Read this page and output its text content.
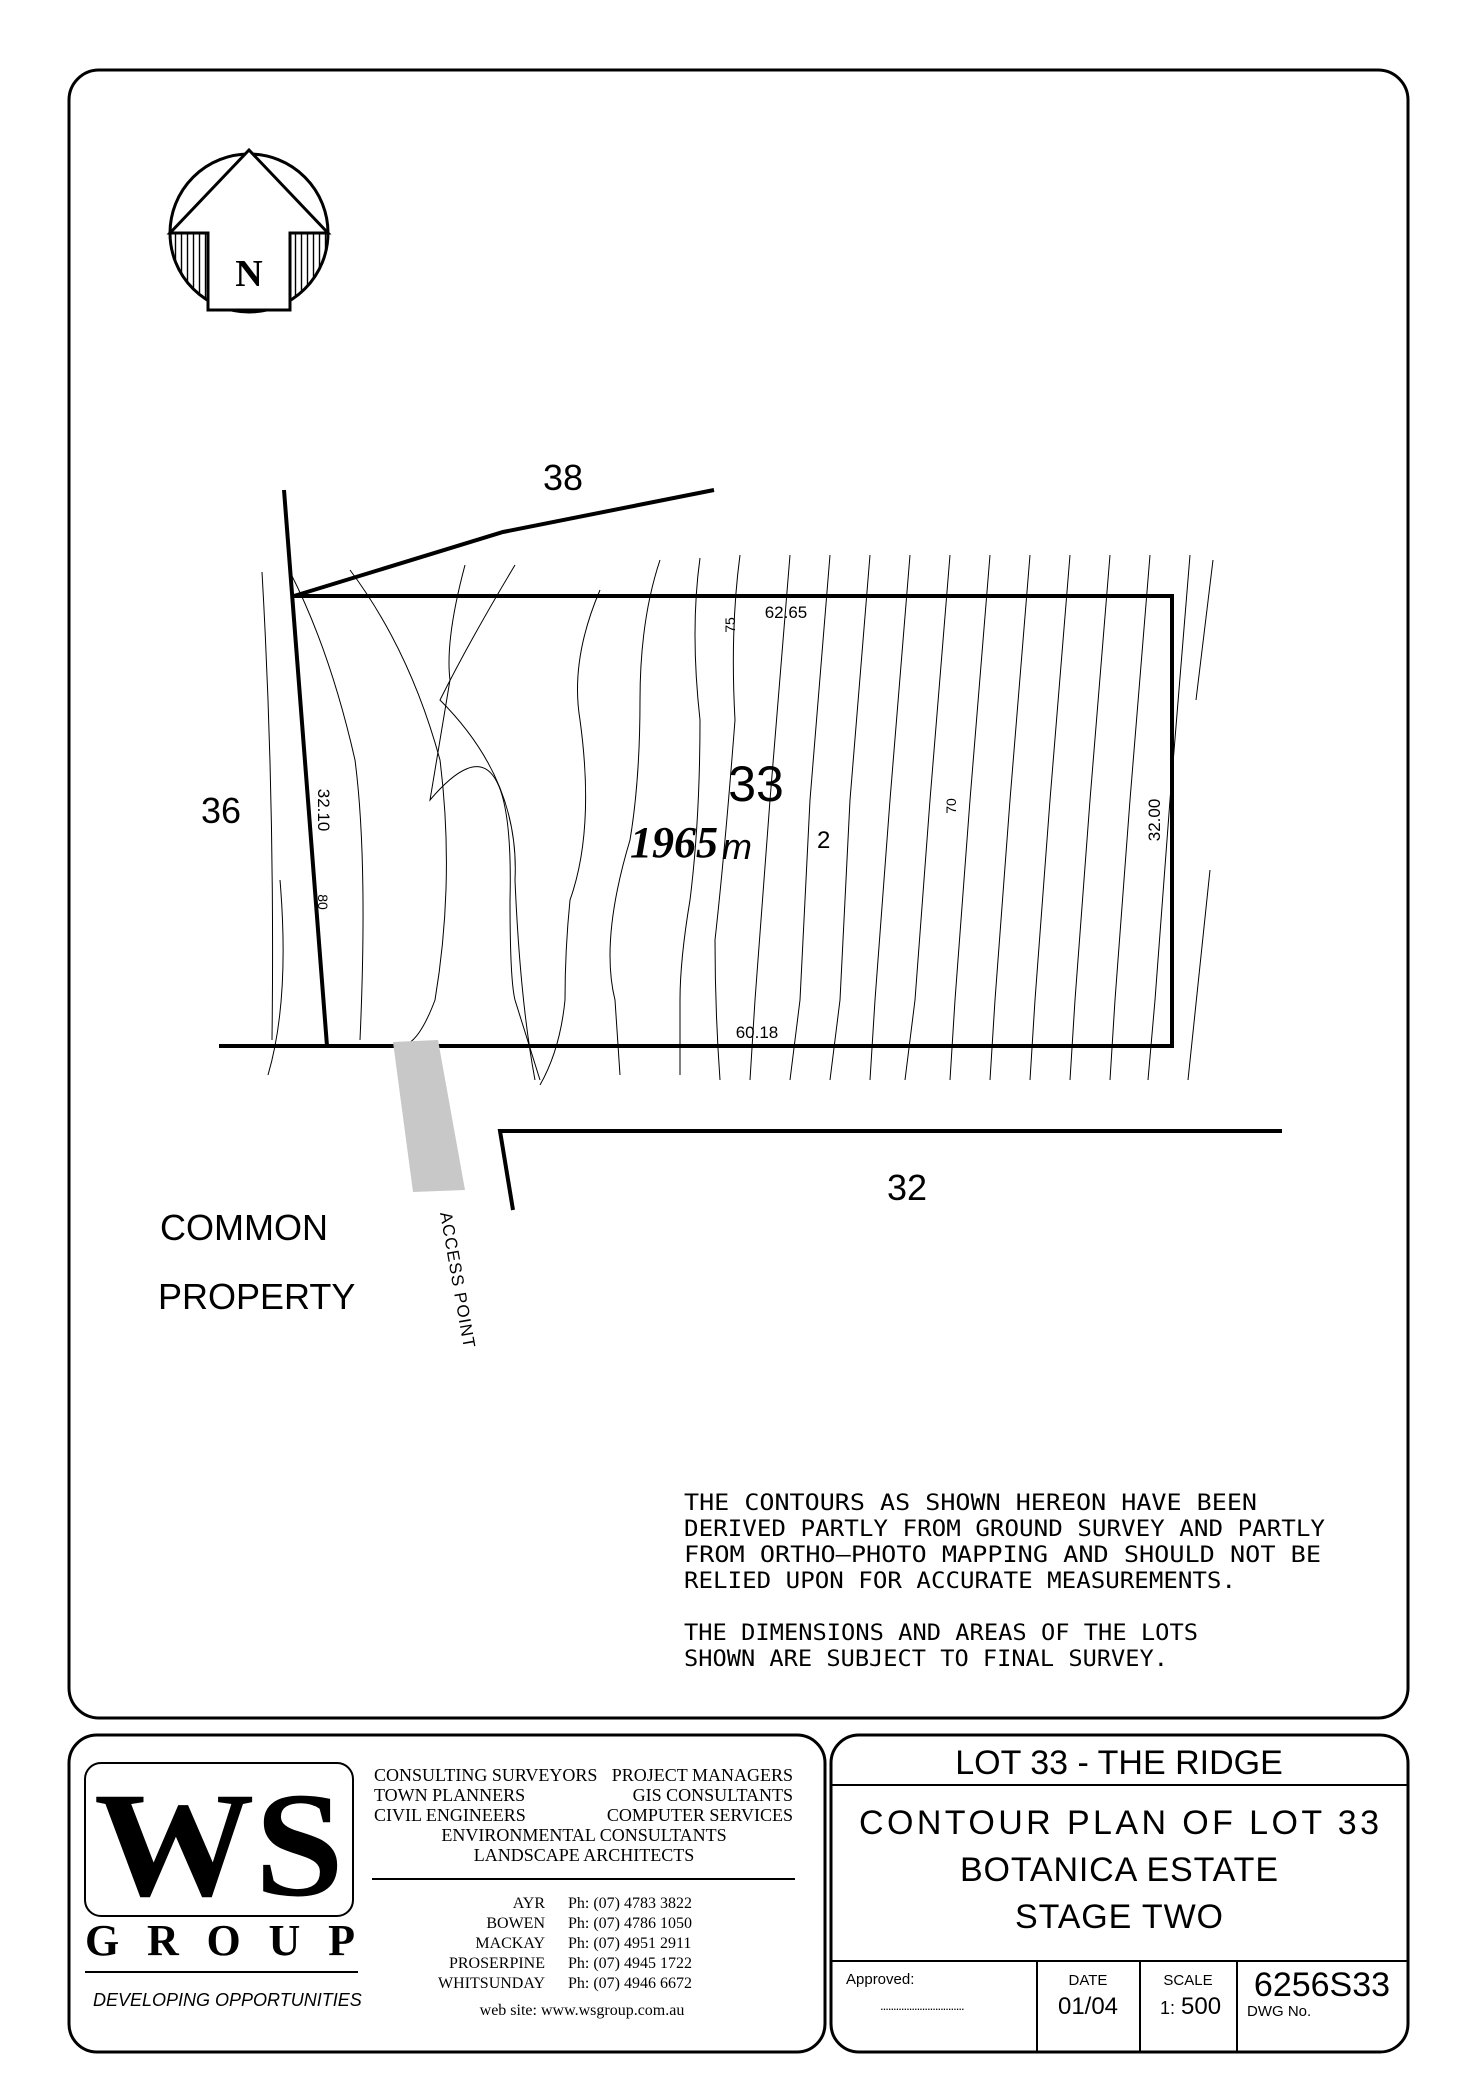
N
62.65
60.18
32.10	32.00
75
70
80
33
1965 m	2
38
36
32
COMMON
PROPERTY	ACCESS POINT
THE CONTOURS AS SHOWN HEREON HAVE BEEN
DERIVED PARTLY FROM GROUND SURVEY AND PARTLY
FROM ORTHO–PHOTO MAPPING AND SHOULD NOT BE
RELIED UPON FOR ACCURATE MEASUREMENTS.
THE DIMENSIONS AND AREAS OF THE LOTS
SHOWN ARE SUBJECT TO FINAL SURVEY.
WS
G R O U P
DEVELOPING OPPORTUNITIES
CONSULTING SURVEYORS
TOWN PLANNERS
CIVIL ENGINEERS
PROJECT MANAGERS
GIS CONSULTANTS
COMPUTER SERVICES
ENVIRONMENTAL CONSULTANTS
LANDSCAPE ARCHITECTS
AYR Ph: (07) 4783 3822
BOWEN Ph: (07) 4786 1050
MACKAY Ph: (07) 4951 2911
PROSERPINE Ph: (07) 4945 1722
WHITSUNDAY Ph: (07) 4946 6672
web site: www.wsgroup.com.au
LOT 33 - THE RIDGE
CONTOUR PLAN OF LOT 33
BOTANICA ESTATE
STAGE TWO
Approved:
................................
DATE
01/04
SCALE
1: 500
6256S33
DWG No.
